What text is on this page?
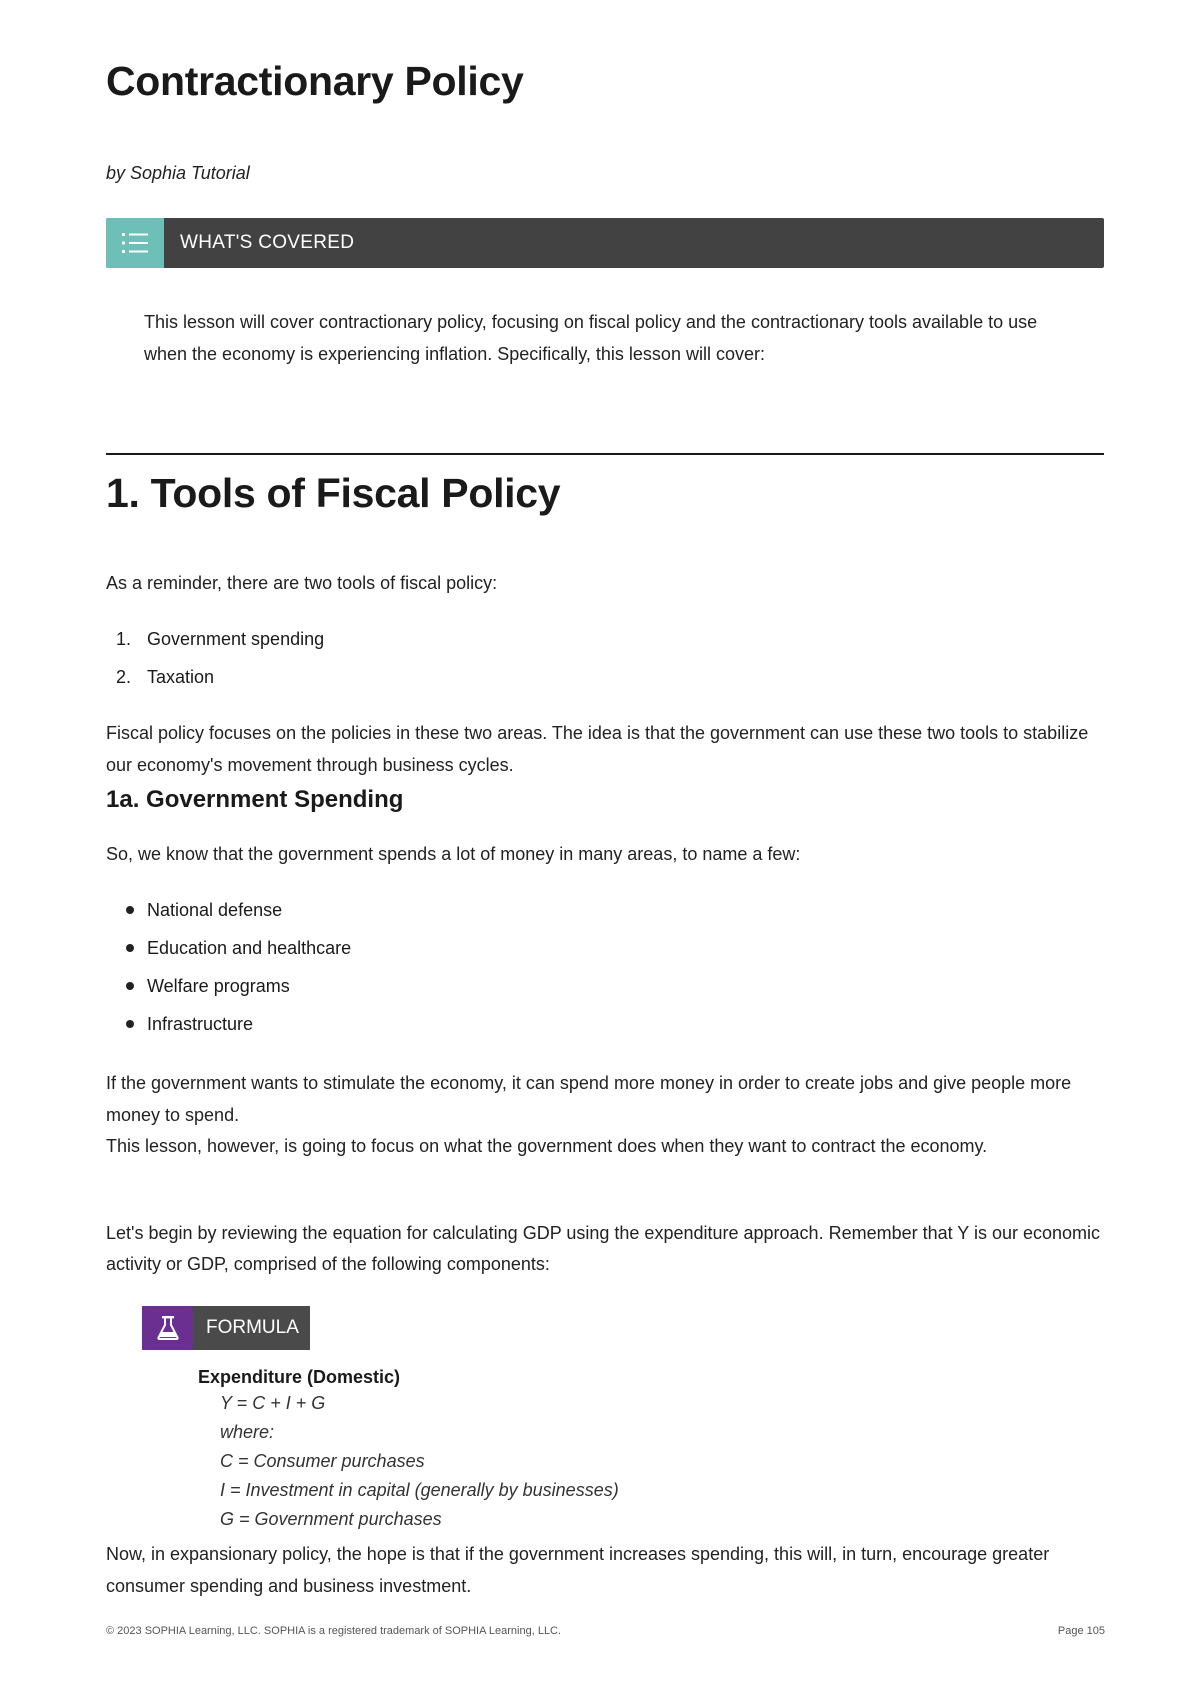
Contractionary Policy
by Sophia Tutorial
WHAT'S COVERED

This lesson will cover contractionary policy, focusing on fiscal policy and the contractionary tools available to use when the economy is experiencing inflation. Specifically, this lesson will cover:

1. Tools of Fiscal Policy

As a reminder, there are two tools of fiscal policy:

1. Government spending
2. Taxation

Fiscal policy focuses on the policies in these two areas. The idea is that the government can use these two tools to stabilize our economy's movement through business cycles.

1a. Government Spending

So, we know that the government spends a lot of money in many areas, to name a few:

National defense
Education and healthcare
Welfare programs
Infrastructure

If the government wants to stimulate the economy, it can spend more money in order to create jobs and give people more money to spend.

This lesson, however, is going to focus on what the government does when they want to contract the economy.

Let's begin by reviewing the equation for calculating GDP using the expenditure approach. Remember that Y is our economic activity or GDP, comprised of the following components:

FORMULA
Expenditure (Domestic)
Y = C + I + G
where:
C = Consumer purchases
I = Investment in capital (generally by businesses)
G = Government purchases

Now, in expansionary policy, the hope is that if the government increases spending, this will, in turn, encourage greater consumer spending and business investment.

© 2023 SOPHIA Learning, LLC. SOPHIA is a registered trademark of SOPHIA Learning, LLC.	Page 105
